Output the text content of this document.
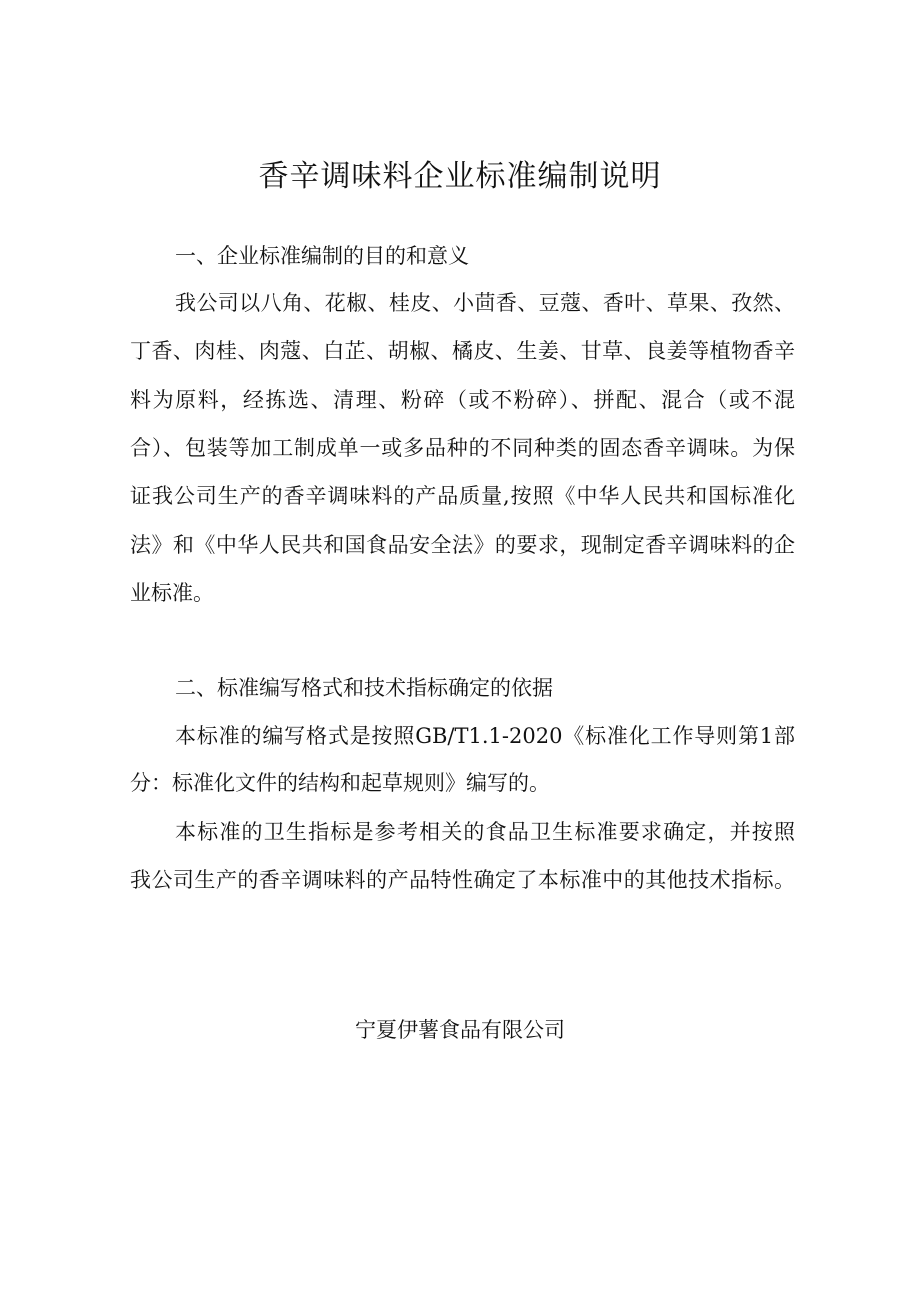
香辛调味料企业标准编制说明
一、企业标准编制的目的和意义
我公司以八角、花椒、桂皮、小茴香、豆蔻、香叶、草果、孜然、
丁香、肉桂、肉蔻、白芷、胡椒、橘皮、生姜、甘草、良姜等植物香辛
料为原料，经拣选、清理、粉碎（或不粉碎）、拼配、混合（或不混
合）、包装等加工制成单一或多品种的不同种类的固态香辛调味。为保
证我公司生产的香辛调味料的产品质量,按照《中华人民共和国标准化
法》和《中华人民共和国食品安全法》的要求，现制定香辛调味料的企
业标准。
二、标准编写格式和技术指标确定的依据
本标准的编写格式是按照GB/T1.1-2020《标准化工作导则第1部
分：标准化文件的结构和起草规则》编写的。
本标准的卫生指标是参考相关的食品卫生标准要求确定，并按照
我公司生产的香辛调味料的产品特性确定了本标准中的其他技术指标。
宁夏伊薯食品有限公司
